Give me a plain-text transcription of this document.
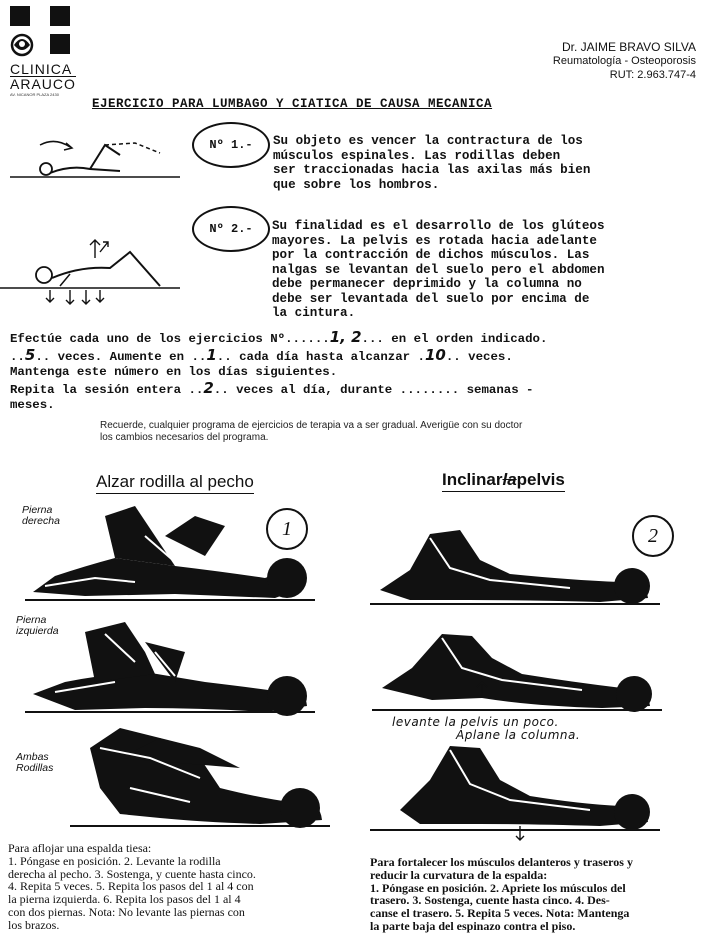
CLINICA
ARAUCO
AV. NICANOR PLAZA 2430
Dr. JAIME BRAVO SILVA
Reumatología - Osteoporosis
RUT: 2.963.747-4
EJERCICIO PARA LUMBAGO Y CIATICA DE CAUSA MECANICA
Nº 1.-	Su objeto es vencer la contractura de los
músculos espinales. Las rodillas deben
ser traccionadas hacia las axilas más bien
que sobre los hombros.
Nº 2.-	Su finalidad es el desarrollo de los glúteos
mayores. La pelvis es rotada hacia adelante
por la contracción de dichos músculos. Las
nalgas se levantan del suelo pero el abdomen
debe permanecer deprimido y la columna no
debe ser levantada del suelo por encima de
la cintura.
Efectúe cada uno de los ejercicios Nº......1, 2... en el orden indicado.
..5.. veces. Aumente en ..1.. cada día hasta alcanzar .10.. veces.
Mantenga este número en los días siguientes.
Repita la sesión entera ..2.. veces al día, durante ........ semanas -
meses.
Recuerde, cualquier programa de ejercicios de terapia va a ser gradual. Averigüe con su doctor
los cambios necesarios del programa.
Alzar rodilla al pecho
1
Pierna
derecha
Pierna
izquierda
Ambas
Rodillas
Para aflojar una espalda tiesa:
1. Póngase en posición. 2. Levante la rodilla
derecha al pecho. 3. Sostenga, y cuente hasta cinco.
4. Repita 5 veces. 5. Repita los pasos del 1 al 4 con
la pierna izquierda. 6. Repita los pasos del 1 al 4
con dos piernas. Nota: No levante las piernas con
los brazos.
Inclinarlapelvis
2
levante la pelvis un poco.
Aplane la columna.
Para fortalecer los músculos delanteros y traseros y
reducir la curvatura de la espalda:
1. Póngase en posición. 2. Apriete los músculos del
trasero. 3. Sostenga, cuente hasta cinco. 4. Des-
canse el trasero. 5. Repita 5 veces. Nota: Mantenga
la parte baja del espinazo contra el piso.
